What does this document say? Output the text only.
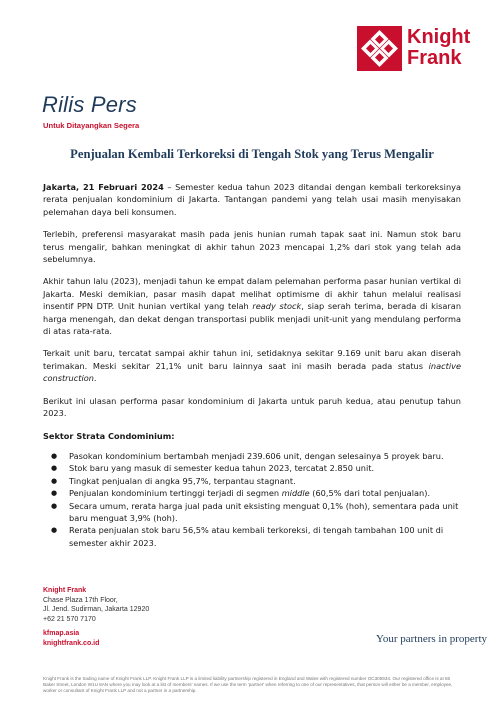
Knight
Frank
Rilis Pers
Untuk Ditayangkan Segera
Penjualan Kembali Terkoreksi di Tengah Stok yang Terus Mengalir

Jakarta, 21 Februari 2024 – Semester kedua tahun 2023 ditandai dengan kembali terkoreksinya rerata penjualan kondominium di Jakarta. Tantangan pandemi yang telah usai masih menyisakan pelemahan daya beli konsumen.

Terlebih, preferensi masyarakat masih pada jenis hunian rumah tapak saat ini. Namun stok baru terus mengalir, bahkan meningkat di akhir tahun 2023 mencapai 1,2% dari stok yang telah ada sebelumnya.

Akhir tahun lalu (2023), menjadi tahun ke empat dalam pelemahan performa pasar hunian vertikal di Jakarta. Meski demikian, pasar masih dapat melihat optimisme di akhir tahun melalui realisasi insentif PPN DTP. Unit hunian vertikal yang telah ready stock, siap serah terima, berada di kisaran harga menengah, dan dekat dengan transportasi publik menjadi unit-unit yang mendulang performa di atas rata-rata.

Terkait unit baru, tercatat sampai akhir tahun ini, setidaknya sekitar 9.169 unit baru akan diserah terimakan. Meski sekitar 21,1% unit baru lainnya saat ini masih berada pada status inactive construction.

Berikut ini ulasan performa pasar kondominium di Jakarta untuk paruh kedua, atau penutup tahun 2023.

Sektor Strata Condominium:
● Pasokan kondominium bertambah menjadi 239.606 unit, dengan selesainya 5 proyek baru.
● Stok baru yang masuk di semester kedua tahun 2023, tercatat 2.850 unit.
● Tingkat penjualan di angka 95,7%, terpantau stagnant.
● Penjualan kondominium tertinggi terjadi di segmen middle (60,5% dari total penjualan).
● Secara umum, rerata harga jual pada unit eksisting menguat 0,1% (hoh), sementara pada unit baru menguat 3,9% (hoh).
● Rerata penjualan stok baru 56,5% atau kembali terkoreksi, di tengah tambahan 100 unit di semester akhir 2023.
Knight Frank
Chase Plaza 17th Floor,
Jl. Jend. Sudirman, Jakarta 12920
+62 21 570 7170
kfmap.asia
knightfrank.co.id	Your partners in property
Knight Frank is the trading name of Knight Frank LLP. Knight Frank LLP is a limited liability partnership registered in England and Wales with registered number OC305934. Our registered office is at 55 Baker Street, London W1U 8AN where you may look at a list of members' names. If we use the term 'partner' when referring to one of our representatives, that person will either be a member, employee, worker or consultant of Knight Frank LLP and not a partner in a partnership.
